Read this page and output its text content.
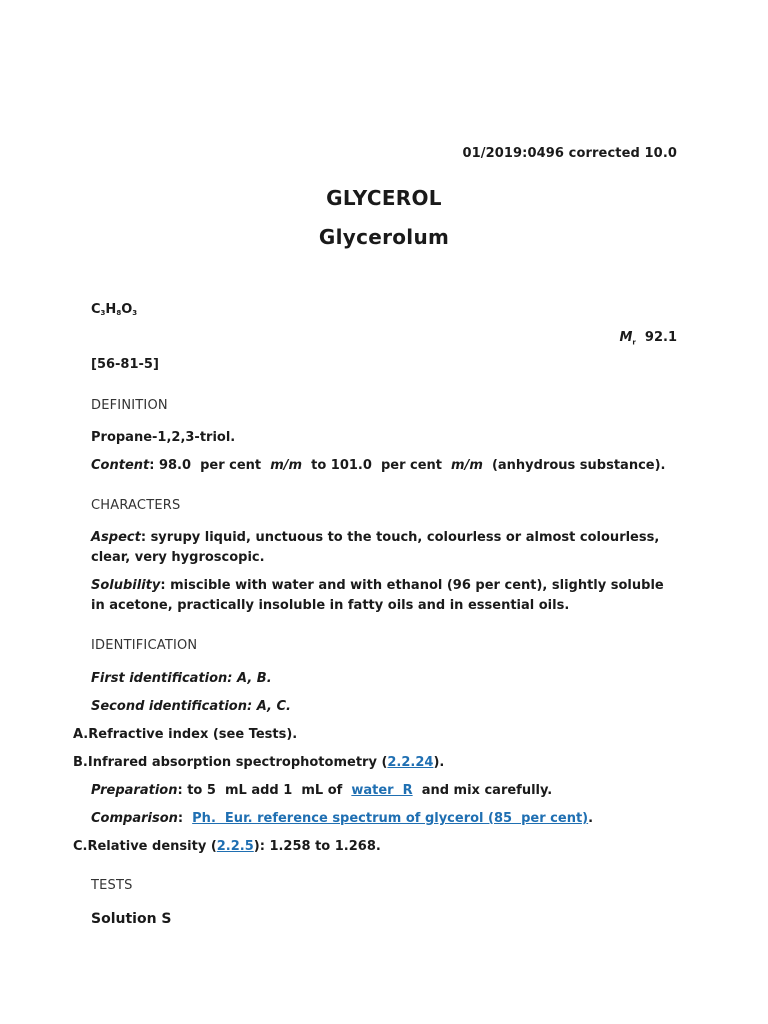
01/2019:0496 corrected 10.0
GLYCEROL
Glycerolum
$C_3H_8O_3$
$M_r$ 92.1
[56-81-5]
DEFINITION
Propane-1,2,3-triol.
Content: 98.0  per cent  m/m  to 101.0  per cent  m/m  (anhydrous substance).
CHARACTERS
Aspect: syrupy liquid, unctuous to the touch, colourless or almost colourless, clear, very hygroscopic.
Solubility: miscible with water and with ethanol (96 per cent), slightly soluble in acetone, practically insoluble in fatty oils and in essential oils.
IDENTIFICATION
First identification: A, B.
Second identification: A, C.
A.Refractive index (see Tests).
B.Infrared absorption spectrophotometry (2.2.24).
Preparation: to 5  mL add 1  mL of  water  R  and mix carefully.
Comparison:  Ph.  Eur. reference spectrum of glycerol (85  per cent).
C.Relative density (2.2.5): 1.258 to 1.268.
TESTS
Solution S
